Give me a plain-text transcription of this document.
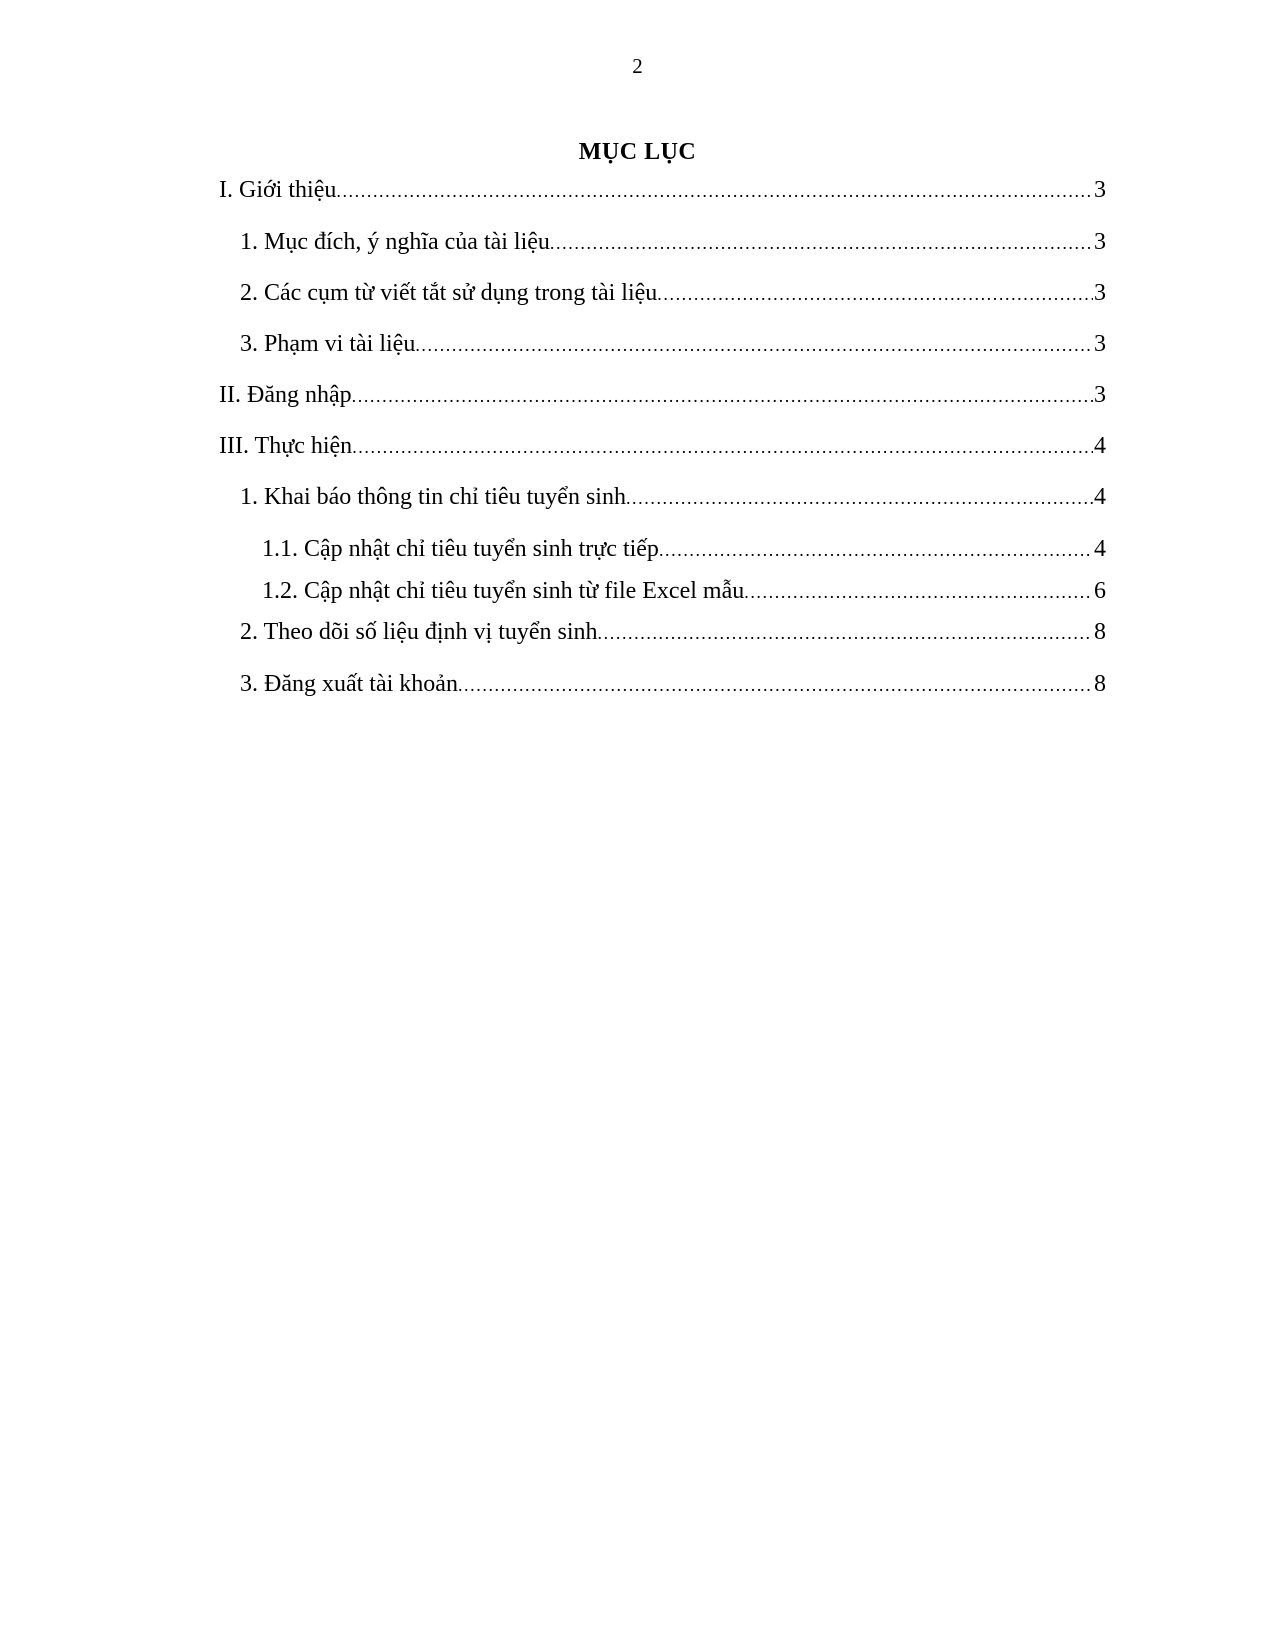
2
MỤC LỤC
I. Giới thiệu .....	3
1. Mục đích, ý nghĩa của tài liệu .....	3
2. Các cụm từ viết tắt sử dụng trong tài liệu .....	3
3. Phạm vi tài liệu .....	3
II. Đăng nhập .....	3
III. Thực hiện .....	4
1. Khai báo thông tin chỉ tiêu tuyển sinh .....	4
1.1. Cập nhật chỉ tiêu tuyển sinh trực tiếp .....	4
1.2. Cập nhật chỉ tiêu tuyển sinh từ file Excel mẫu .....	6
2. Theo dõi số liệu định vị tuyển sinh .....	8
3. Đăng xuất tài khoản .....	8
